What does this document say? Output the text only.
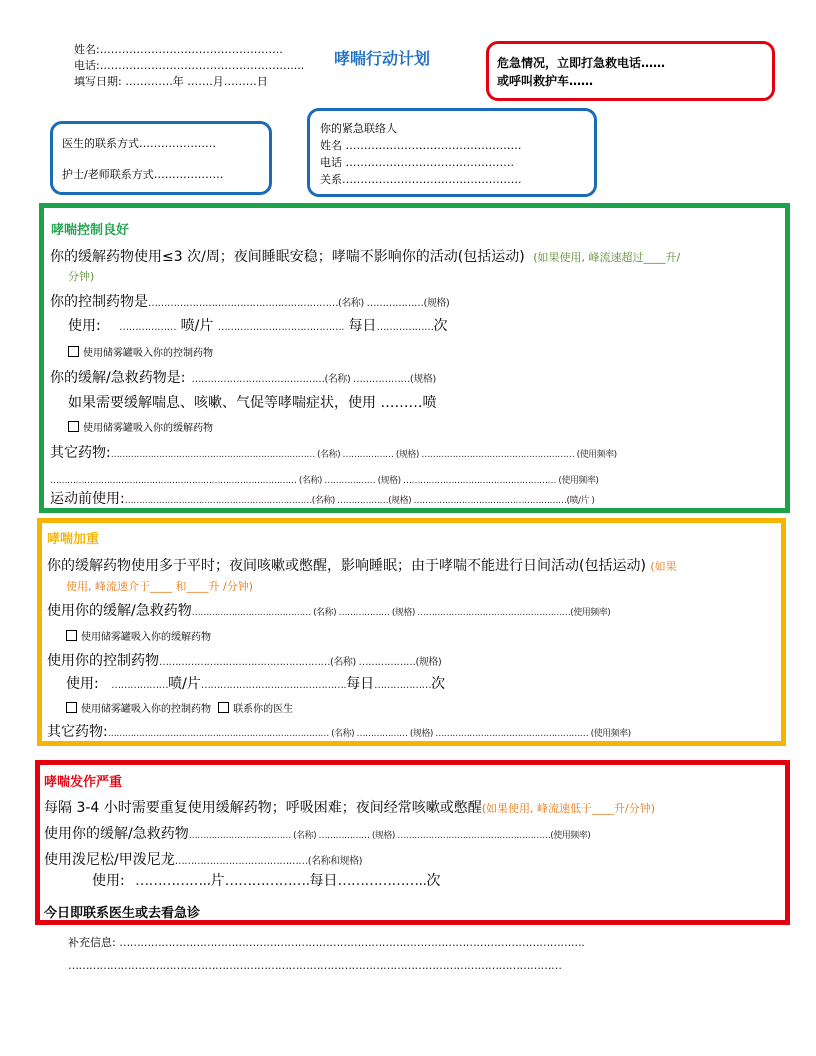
姓名:…………………………………………..
电话:…………………………………………….....
填写日期: ………….年 …….月………日
哮喘行动计划	危急情况，立即打急救电话……
或呼叫救护车……
医生的联系方式…………………
护士/老师联系方式……………….
你的紧急联络人
姓名 …………………………………………
电话 ……………………………………….
关系………………………………………….
哮喘控制良好
你的缓解药物使用≤3 次/周；夜间睡眠安稳；哮喘不影响你的活动(包括运动) (如果使用, 峰流速超过____升/
分钟)
你的控制药物是……………………………………………………(名称) ………………(规格)
使用: ……………… 喷/片 …………………………………. 每日………………次
使用储雾罐吸入你的控制药物
你的缓解/急救药物是: ……………………………………(名称) ………………(规格)
如果需要缓解喘息、咳嗽、气促等哮喘症状，使用 ………喷
使用储雾罐吸入你的缓解药物
其它药物:……………………………………………………………… (名称) ……………… (规格) ……………………………………………… (使用频率)
…………………………………………………………………………… (名称) ……………… (规格) ……………………………………………… (使用频率)
运动前使用:…………………………………………………………(名称) ………………(规格) ………………………………………………(喷/片 )
哮喘加重
你的缓解药物使用多于平时；夜间咳嗽或憋醒，影响睡眠；由于哮喘不能进行日间活动(包括运动) (如果
使用, 峰流速介于____ 和____升 /分钟)
使用你的缓解/急救药物…………………………………… (名称) ……………… (规格) ………………………………………………(使用频率)
使用储雾罐吸入你的缓解药物
使用你的控制药物………………………………………………(名称) ………………(规格)
使用: ………………喷/片……………………………………….每日………………次
使用储雾罐吸入你的控制药物 联系你的医生
其它药物:…………………………………………………………………… (名称) ……………… (规格) ……………………………………………… (使用频率)
哮喘发作严重
每隔 3-4 小时需要重复使用缓解药物；呼吸困难；夜间经常咳嗽或憋醒(如果使用, 峰流速低于____升/分钟)
使用你的缓解/急救药物……………………………… (名称) ……………… (规格) ………………………………………………(使用频率)
使用泼尼松/甲泼尼龙……………………………………(名称和规格)
使用: ……………..片……………….每日………………..次
今日即联系医生或去看急诊
补充信息: …………………………………………………………………………………………………………………….
……………………………………………………………………………………………………………………………
